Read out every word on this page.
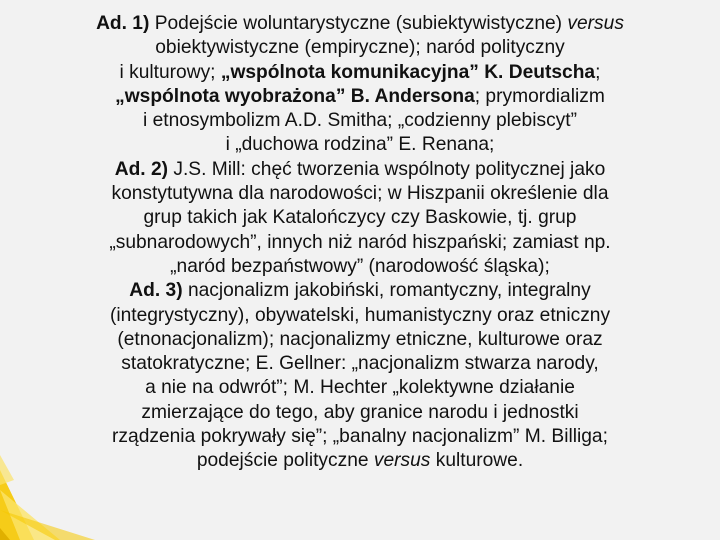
Ad. 1) Podejście woluntarystyczne (subiektywistyczne) versus
obiektywistyczne (empiryczne); naród polityczny
i kulturowy; „wspólnota komunikacyjna” K. Deutscha;
„wspólnota wyobrażona” B. Andersona; prymordializm
i etnosymbolizm A.D. Smitha; „codzienny plebiscyt”
i „duchowa rodzina” E. Renana;
Ad. 2) J.S. Mill: chęć tworzenia wspólnoty politycznej jako
konstytutywna dla narodowości; w Hiszpanii określenie dla
grup takich jak Katalończycy czy Baskowie, tj. grup
„subnarodowych”, innych niż naród hiszpański; zamiast np.
„naród bezpaństwowy” (narodowość śląska);
Ad. 3) nacjonalizm jakobiński, romantyczny, integralny
(integrystyczny), obywatelski, humanistyczny oraz etniczny
(etnonacjonalizm); nacjonalizmy etniczne, kulturowe oraz
statokratyczne; E. Gellner: „nacjonalizm stwarza narody,
a nie na odwrót”; M. Hechter „kolektywne działanie
zmierzające do tego, aby granice narodu i jednostki
rządzenia pokrywały się”; „banalny nacjonalizm” M. Billiga;
podejście polityczne versus kulturowe.
